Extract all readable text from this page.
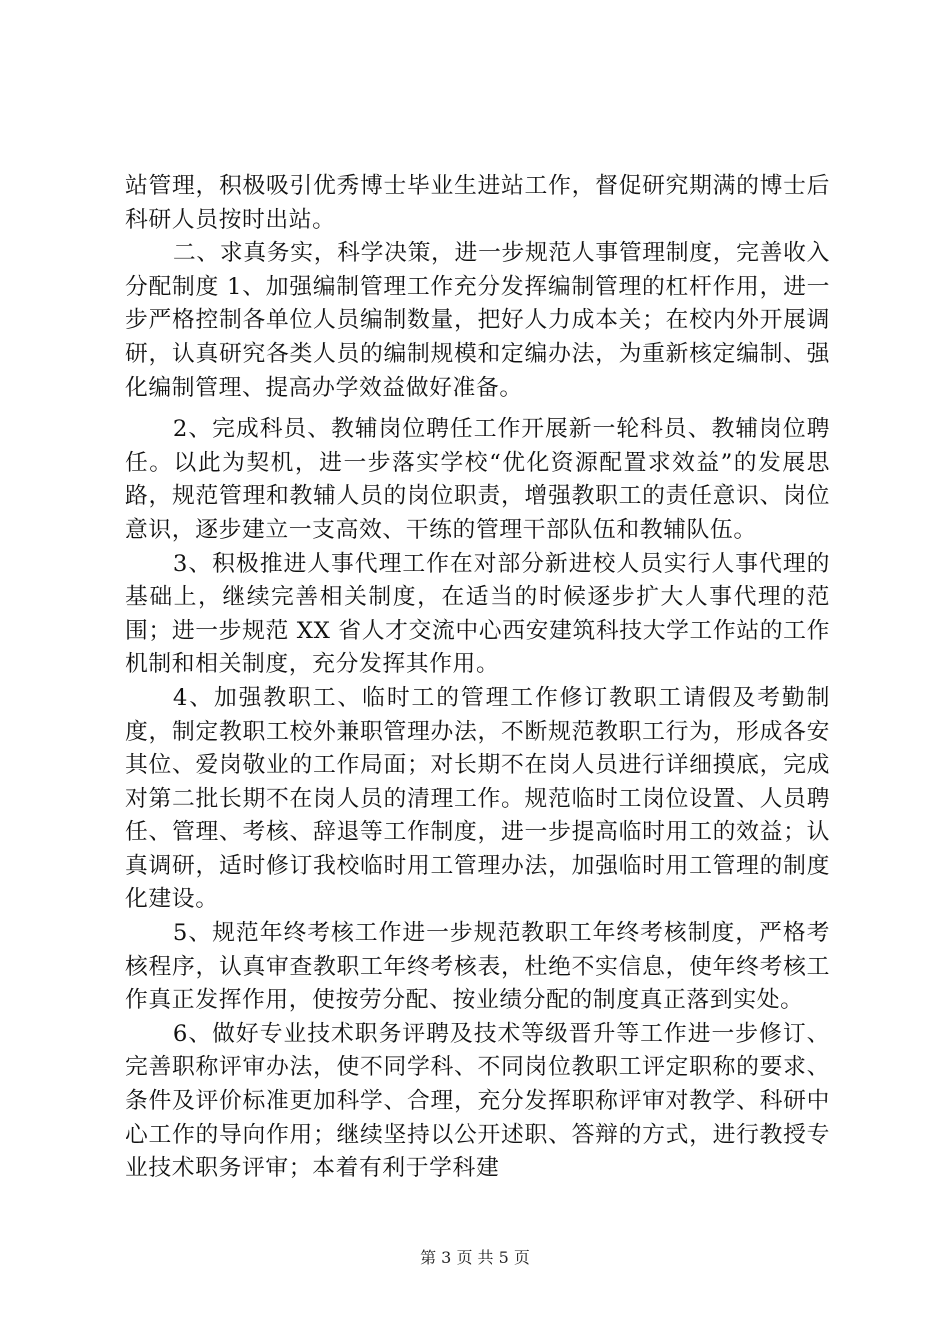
站管理，积极吸引优秀博士毕业生进站工作，督促研究期满的博士后科研人员按时出站。

二、求真务实，科学决策，进一步规范人事管理制度，完善收入分配制度 1、加强编制管理工作充分发挥编制管理的杠杆作用，进一步严格控制各单位人员编制数量，把好人力成本关；在校内外开展调研，认真研究各类人员的编制规模和定编办法，为重新核定编制、强化编制管理、提高办学效益做好准备。

2、完成科员、教辅岗位聘任工作开展新一轮科员、教辅岗位聘任。以此为契机，进一步落实学校“优化资源配置求效益”的发展思路，规范管理和教辅人员的岗位职责，增强教职工的责任意识、岗位意识，逐步建立一支高效、干练的管理干部队伍和教辅队伍。

3、积极推进人事代理工作在对部分新进校人员实行人事代理的基础上，继续完善相关制度，在适当的时候逐步扩大人事代理的范围；进一步规范 XX 省人才交流中心西安建筑科技大学工作站的工作机制和相关制度，充分发挥其作用。

4、加强教职工、临时工的管理工作修订教职工请假及考勤制度，制定教职工校外兼职管理办法，不断规范教职工行为，形成各安其位、爱岗敬业的工作局面；对长期不在岗人员进行详细摸底，完成对第二批长期不在岗人员的清理工作。规范临时工岗位设置、人员聘任、管理、考核、辞退等工作制度，进一步提高临时用工的效益；认真调研，适时修订我校临时用工管理办法，加强临时用工管理的制度化建设。

5、规范年终考核工作进一步规范教职工年终考核制度，严格考核程序，认真审查教职工年终考核表，杜绝不实信息，使年终考核工作真正发挥作用，使按劳分配、按业绩分配的制度真正落到实处。

6、做好专业技术职务评聘及技术等级晋升等工作进一步修订、完善职称评审办法，使不同学科、不同岗位教职工评定职称的要求、条件及评价标准更加科学、合理，充分发挥职称评审对教学、科研中心工作的导向作用；继续坚持以公开述职、答辩的方式，进行教授专业技术职务评审；本着有利于学科建

第 3 页 共 5 页
